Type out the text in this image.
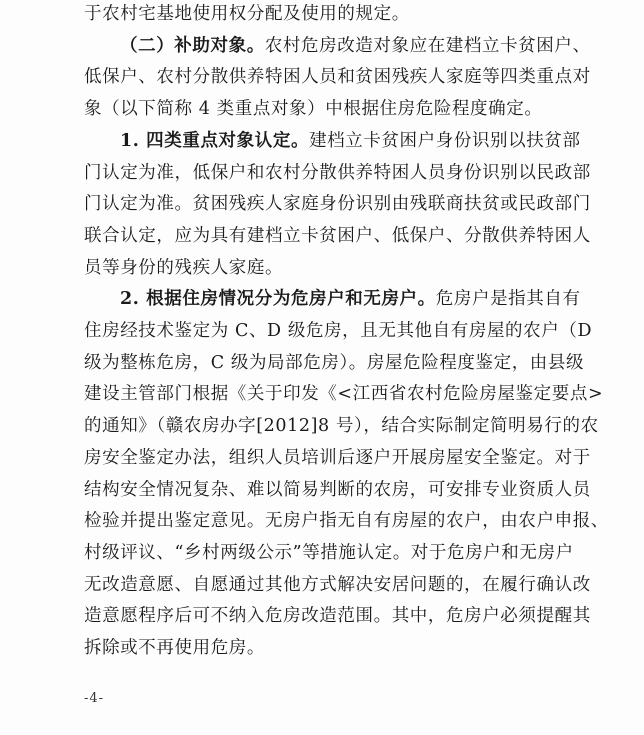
于农村宅基地使用权分配及使用的规定。
（二）补助对象。农村危房改造对象应在建档立卡贫困户、
低保户、农村分散供养特困人员和贫困残疾人家庭等四类重点对
象（以下简称 4 类重点对象）中根据住房危险程度确定。
1. 四类重点对象认定。建档立卡贫困户身份识别以扶贫部
门认定为准，低保户和农村分散供养特困人员身份识别以民政部
门认定为准。贫困残疾人家庭身份识别由残联商扶贫或民政部门
联合认定，应为具有建档立卡贫困户、低保户、分散供养特困人
员等身份的残疾人家庭。
2. 根据住房情况分为危房户和无房户。危房户是指其自有
住房经技术鉴定为 C、D 级危房，且无其他自有房屋的农户（D
级为整栋危房，C 级为局部危房）。房屋危险程度鉴定，由县级
建设主管部门根据《关于印发《<江西省农村危险房屋鉴定要点>
的通知》（赣农房办字[2012]8 号），结合实际制定简明易行的农
房安全鉴定办法，组织人员培训后逐户开展房屋安全鉴定。对于
结构安全情况复杂、难以简易判断的农房，可安排专业资质人员
检验并提出鉴定意见。无房户指无自有房屋的农户，由农户申报、
村级评议、“乡村两级公示”等措施认定。对于危房户和无房户
无改造意愿、自愿通过其他方式解决安居问题的，在履行确认改
-4-
造意愿程序后可不纳入危房改造范围。其中，危房户必须提醒其
拆除或不再使用危房。
